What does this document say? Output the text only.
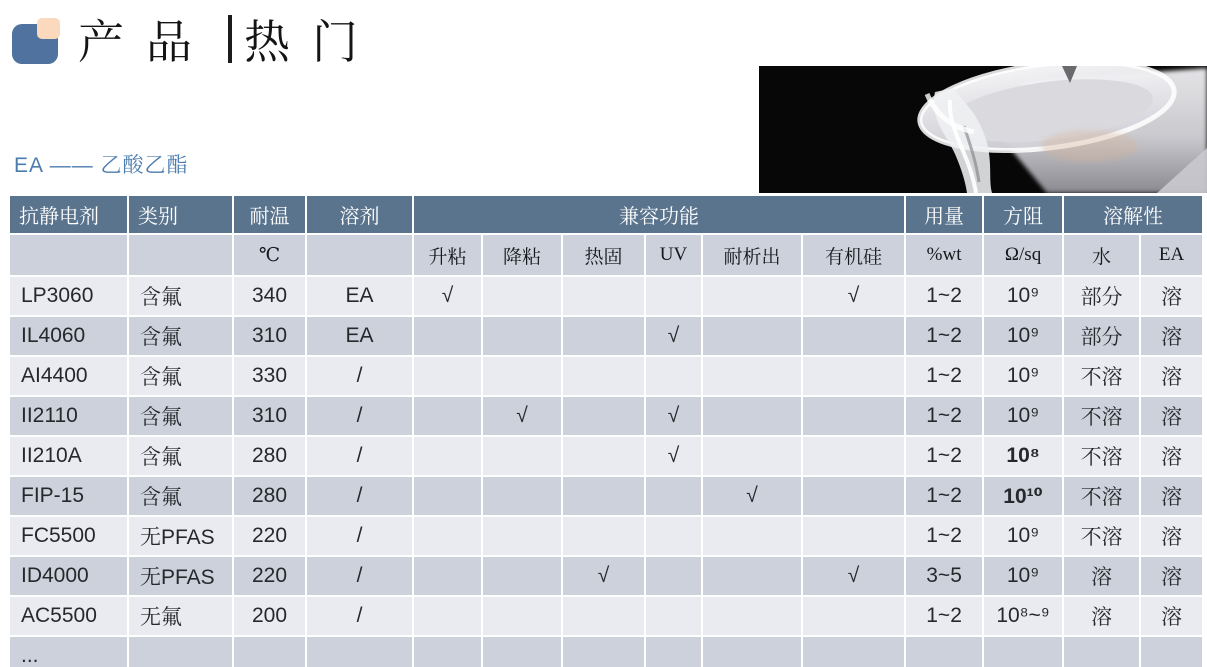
产品 热门
EA —— 乙酸乙酯
抗静电剂	类别	耐温	溶剂	兼容功能						用量	方阻	溶解性	
		℃		升粘	降粘	热固	UV	耐析出	有机硅	%wt	Ω/sq	水	EA
LP3060	含氟	340	EA	√					√	1~2	10⁹	部分	溶
IL4060	含氟	310	EA				√			1~2	10⁹	部分	溶
AI4400	含氟	330	/							1~2	10⁹	不溶	溶
II2110	含氟	310	/		√		√			1~2	10⁹	不溶	溶
II210A	含氟	280	/				√			1~2	10⁸	不溶	溶
FIP-15	含氟	280	/					√		1~2	10¹⁰	不溶	溶
FC5500	无PFAS	220	/							1~2	10⁹	不溶	溶
ID4000	无PFAS	220	/			√			√	3~5	10⁹	溶	溶
AC5500	无氟	200	/							1~2	10⁸~⁹	溶	溶
...													
